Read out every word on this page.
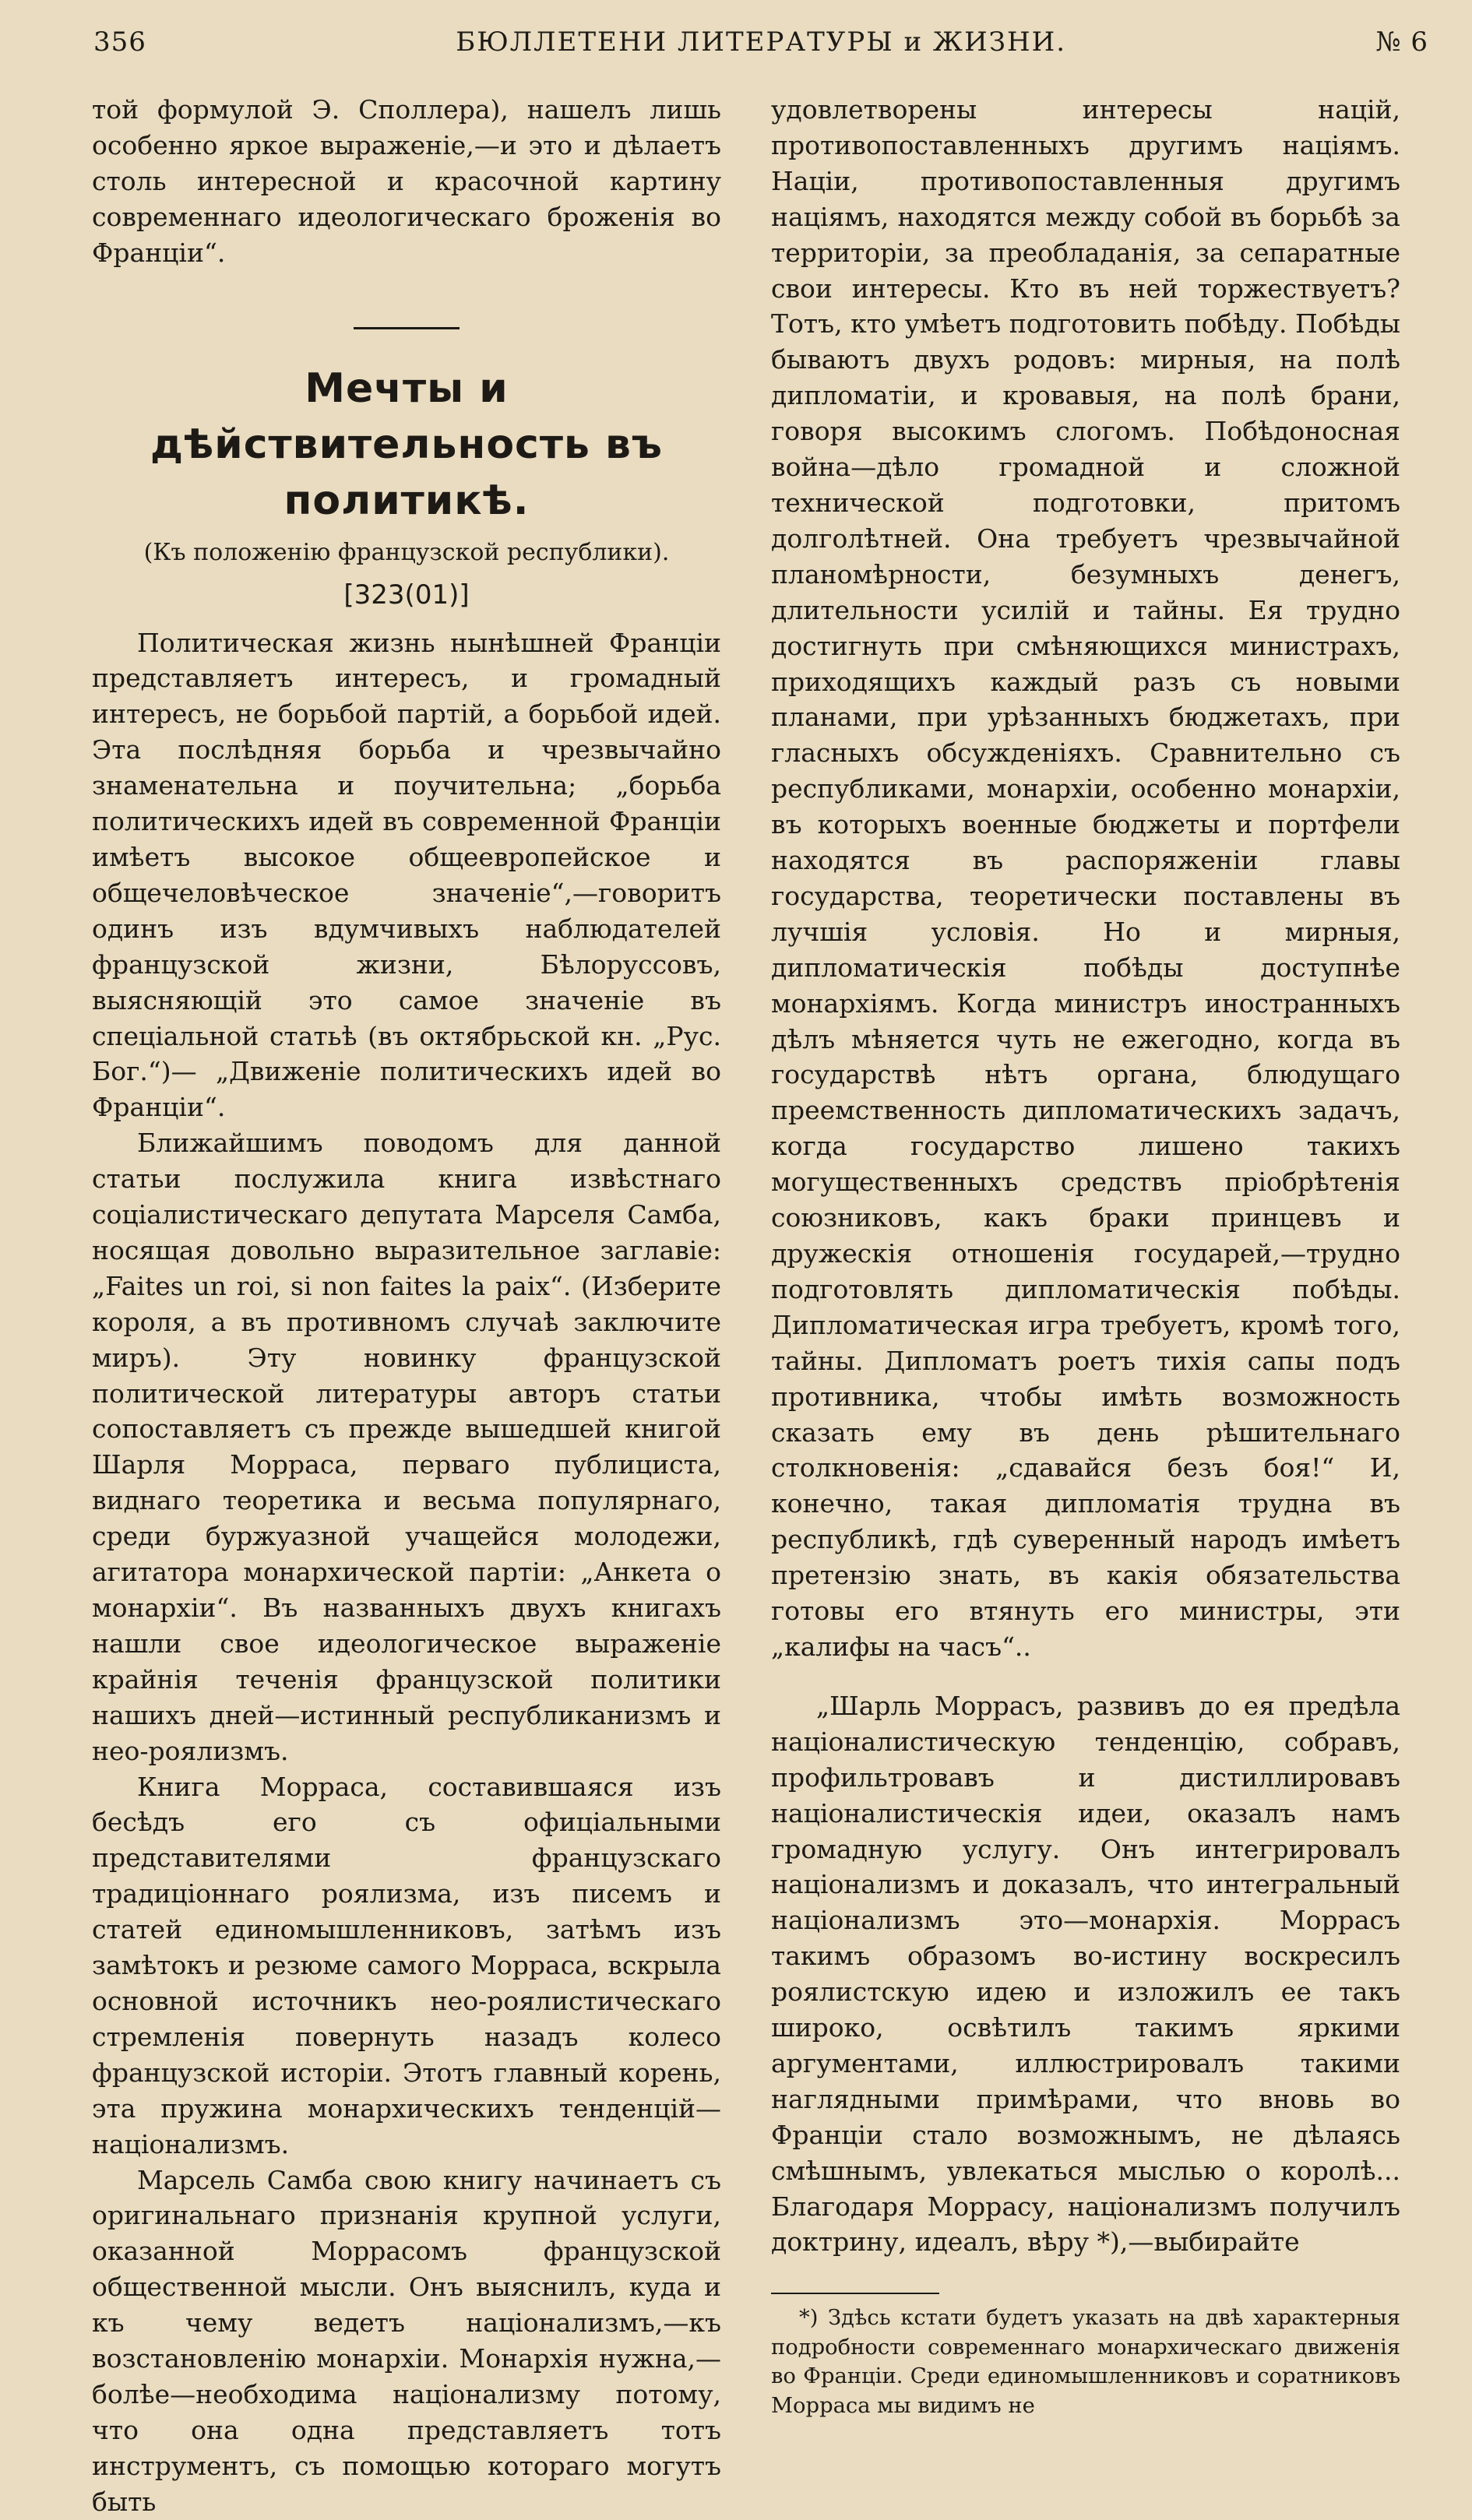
356	БЮЛЛЕТЕНИ ЛИТЕРАТУРЫ и ЖИЗНИ.	№ 6

той формулой Э. Споллера), нашелъ лишь особенно яркое выраженіе,—и это и дѣлаетъ столь интересной и красочной картину современнаго идеологическаго броженія во Франціи“.

Мечты и дѣйствительность въ политикѣ.
(Къ положенію французской республики).
[323(01)]

Политическая жизнь нынѣшней Франціи представляетъ интересъ, и громадный интересъ, не борьбой партій, а борьбой идей. Эта послѣдняя борьба и чрезвычайно знаменательна и поучительна; „борьба политическихъ идей въ современной Франціи имѣетъ высокое общеевропейское и общечеловѣческое значеніе“,—говоритъ одинъ изъ вдумчивыхъ наблюдателей французской жизни, Бѣлоруссовъ, выясняющій это самое значеніе въ спеціальной статьѣ (въ октябрьской кн. „Рус. Бог.“)— „Движеніе политическихъ идей во Франціи“.

Ближайшимъ поводомъ для данной статьи послужила книга извѣстнаго соціалистическаго депутата Марселя Самба, носящая довольно выразительное заглавіе: „Faites un roi, si non faites la paix“. (Изберите короля, а въ противномъ случаѣ заключите миръ). Эту новинку французской политической литературы авторъ статьи сопоставляетъ съ прежде вышедшей книгой Шарля Морраса, перваго публициста, виднаго теоретика и весьма популярнаго, среди буржуазной учащейся молодежи, агитатора монархической партіи: „Анкета о монархіи“. Въ названныхъ двухъ книгахъ нашли свое идеологическое выраженіе крайнія теченія французской политики нашихъ дней—истинный республиканизмъ и нео-роялизмъ.

Книга Морраса, составившаяся изъ бесѣдъ его съ офиціальными представителями французскаго традиціоннаго роялизма, изъ писемъ и статей единомышленниковъ, затѣмъ изъ замѣтокъ и резюме самого Морраса, вскрыла основной источникъ нео-роялистическаго стремленія повернуть назадъ колесо французской исторіи. Этотъ главный корень, эта пружина монархическихъ тенденцій—націонализмъ.

Марсель Самба свою книгу начинаетъ съ оригинальнаго признанія крупной услуги, оказанной Моррасомъ французской общественной мысли. Онъ выяснилъ, куда и къ чему ведетъ націонализмъ,—къ возстановленію монархіи. Монархія нужна,—болѣе—необходима націонализму потому, что она одна представляетъ тотъ инструментъ, съ помощью котораго могутъ быть

удовлетворены интересы націй, противопоставленныхъ другимъ націямъ. Націи, противопоставленныя другимъ націямъ, находятся между собой въ борьбѣ за территоріи, за преобладанія, за сепаратные свои интересы. Кто въ ней торжествуетъ? Тотъ, кто умѣетъ подготовить побѣду. Побѣды бываютъ двухъ родовъ: мирныя, на полѣ дипломатіи, и кровавыя, на полѣ брани, говоря высокимъ слогомъ. Побѣдоносная война—дѣло громадной и сложной технической подготовки, притомъ долголѣтней. Она требуетъ чрезвычайной планомѣрности, безумныхъ денегъ, длительности усилій и тайны. Ея трудно достигнуть при смѣняющихся министрахъ, приходящихъ каждый разъ съ новыми планами, при урѣзанныхъ бюджетахъ, при гласныхъ обсужденіяхъ. Сравнительно съ республиками, монархіи, особенно монархіи, въ которыхъ военные бюджеты и портфели находятся въ распоряженіи главы государства, теоретически поставлены въ лучшія условія. Но и мирныя, дипломатическія побѣды доступнѣе монархіямъ. Когда министръ иностранныхъ дѣлъ мѣняется чуть не ежегодно, когда въ государствѣ нѣтъ органа, блюдущаго преемственность дипломатическихъ задачъ, когда государство лишено такихъ могущественныхъ средствъ пріобрѣтенія союзниковъ, какъ браки принцевъ и дружескія отношенія государей,—трудно подготовлять дипломатическія побѣды. Дипломатическая игра требуетъ, кромѣ того, тайны. Дипломатъ роетъ тихія сапы подъ противника, чтобы имѣть возможность сказать ему въ день рѣшительнаго столкновенія: „сдавайся безъ боя!“ И, конечно, такая дипломатія трудна въ республикѣ, гдѣ суверенный народъ имѣетъ претензію знать, въ какія обязательства готовы его втянуть его министры, эти „калифы на часъ“..

„Шарль Моррасъ, развивъ до ея предѣла націоналистическую тенденцію, собравъ, профильтровавъ и дистиллировавъ націоналистическія идеи, оказалъ намъ громадную услугу. Онъ интегрировалъ націонализмъ и доказалъ, что интегральный націонализмъ это—монархія. Моррасъ такимъ образомъ во-истину воскресилъ роялистскую идею и изложилъ ее такъ широко, освѣтилъ такимъ яркими аргументами, иллюстрировалъ такими наглядными примѣрами, что вновь во Франціи стало возможнымъ, не дѣлаясь смѣшнымъ, увлекаться мыслью о королѣ... Благодаря Моррасу, націонализмъ получилъ доктрину, идеалъ, вѣру *),—выбирайте

*) Здѣсь кстати будетъ указать на двѣ характерныя подробности современнаго монархическаго движенія во Франціи. Среди единомышленниковъ и соратниковъ Морраса мы видимъ не
